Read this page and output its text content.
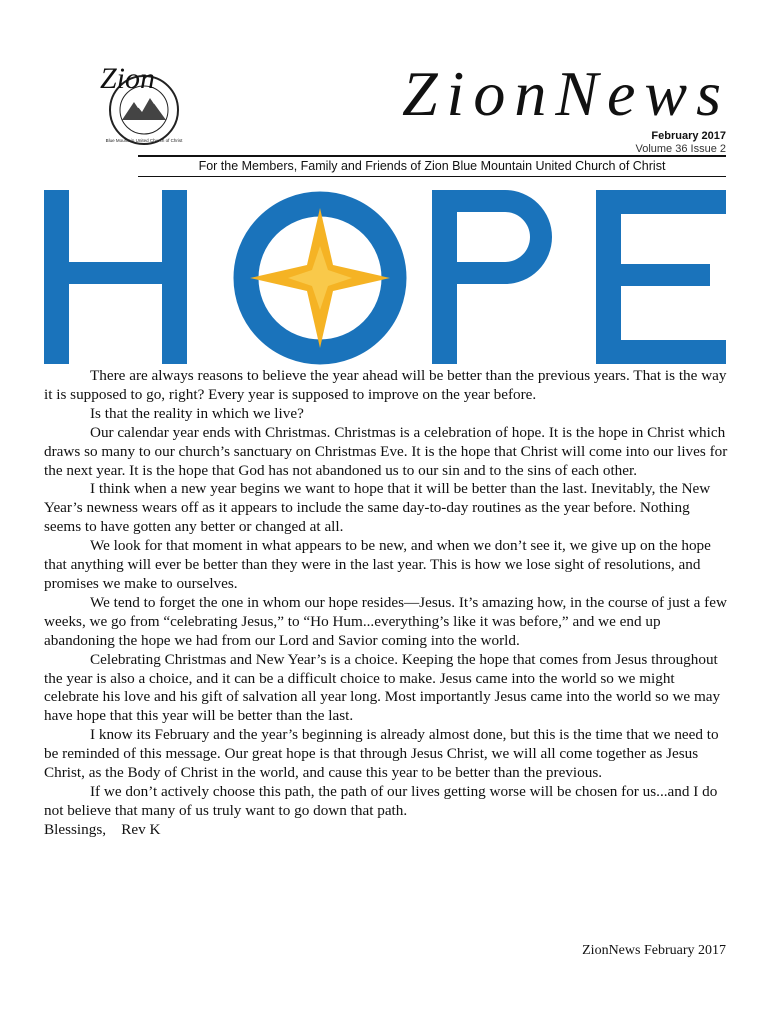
Blue Mountain United Church of Christ
Zion	ZionNews
February 2017
Volume 36 Issue 2
For the Members, Family and Friends of Zion Blue Mountain United Church of Christ

There are always reasons to believe the year ahead will be better than the previous years. That is the way it is supposed to go, right? Every year is supposed to improve on the year before.

Is that the reality in which we live?

Our calendar year ends with Christmas. Christmas is a celebration of hope. It is the hope in Christ which draws so many to our church’s sanctuary on Christmas Eve. It is the hope that Christ will come into our lives for the next year. It is the hope that God has not abandoned us to our sin and to the sins of each other.

I think when a new year begins we want to hope that it will be better than the last. Inevitably, the New Year’s newness wears off as it appears to include the same day-to-day routines as the year before. Nothing seems to have gotten any better or changed at all.

We look for that moment in what appears to be new, and when we don’t see it, we give up on the hope that anything will ever be better than they were in the last year. This is how we lose sight of resolutions, and promises we make to ourselves.

We tend to forget the one in whom our hope resides—Jesus. It’s amazing how, in the course of just a few weeks, we go from “celebrating Jesus,” to “Ho Hum...everything’s like it was before,” and we end up abandoning the hope we had from our Lord and Savior coming into the world.

Celebrating Christmas and New Year’s is a choice. Keeping the hope that comes from Jesus throughout the year is also a choice, and it can be a difficult choice to make. Jesus came into the world so we might celebrate his love and his gift of salvation all year long. Most importantly Jesus came into the world so we may have hope that this year will be better than the last.

I know its February and the year’s beginning is already almost done, but this is the time that we need to be reminded of this message. Our great hope is that through Jesus Christ, we will all come together as Jesus Christ, as the Body of Christ in the world, and cause this year to be better than the previous.

If we don’t actively choose this path, the path of our lives getting worse will be chosen for us...and I do not believe that many of us truly want to go down that path.

Blessings,    Rev K

ZionNews February 2017
